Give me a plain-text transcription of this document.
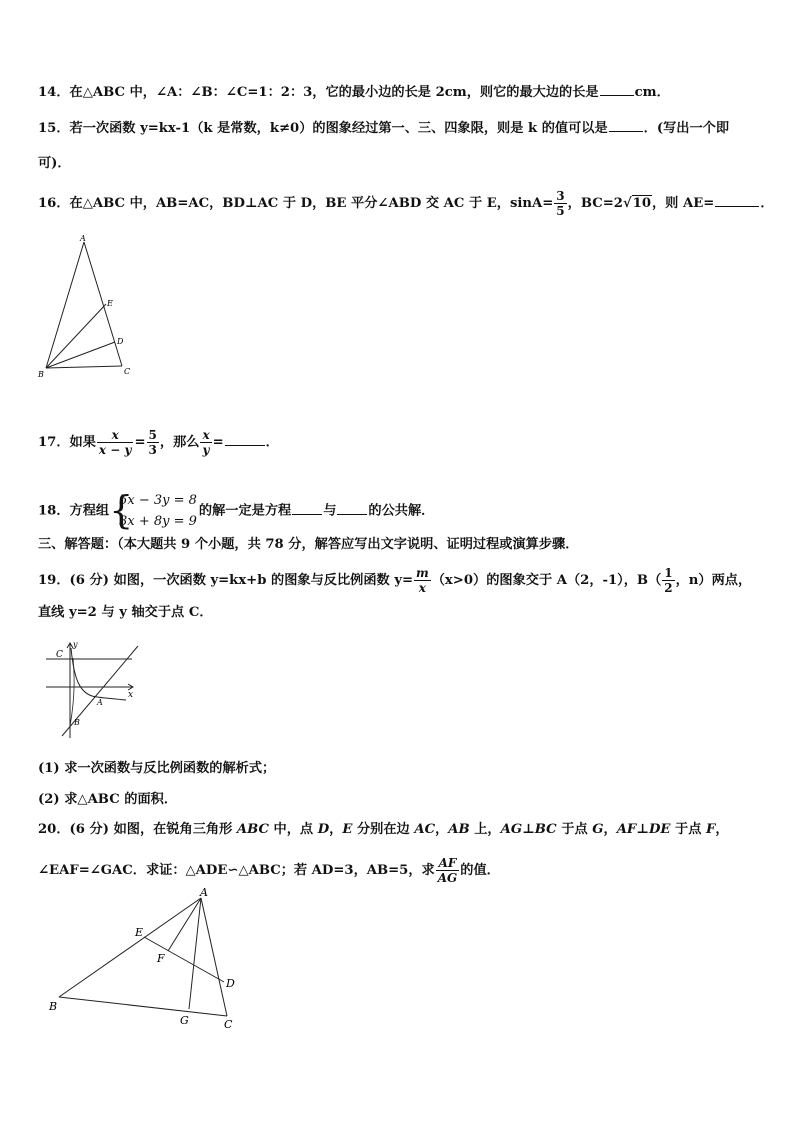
14．在△ABC 中，∠A：∠B：∠C=1：2：3，它的最小边的长是 2cm，则它的最大边的长是	cm．
15．若一次函数 y=kx-1（k 是常数，k≠0）的图象经过第一、三、四象限，则是 k 的值可以是	．(写出一个即
可)．
16．在△ABC 中，AB=AC，BD⊥AC 于 D，BE 平分∠ABD 交 AC 于 E，$\sin A= \frac{3}{5}$ ，BC=2√10，则 AE=	．
A
E
D
B	C
17．如果 $\frac{x}{x - y} = \frac{5}{3}$ ，那么 $\frac{x}{y}$ =	．
18．方程组 {
5x − 3y = 8
3x + 8y = 9
的解一定是方程 与 的公共解．
三、解答题：（本大题共 9 个小题，共 78 分，解答应写出文字说明、证明过程或演算步骤．
19．(6 分) 如图，一次函数 y=kx+b 的图象与反比例函数 $y= \frac{m}{x} (x>0)$的图象交于 A（2，-1），$B( \frac{1}{2}$ ，n）两点，
直线 y=2 与 y 轴交于点 C．
C
y
x
A
B
(1) 求一次函数与反比例函数的解析式；
(2) 求△ABC 的面积．
20．(6 分) 如图，在锐角三角形 ABC 中，点 D，E 分别在边 AC，AB 上，AG⊥BC 于点 G，AF⊥DE 于点 F，
∠EAF=∠GAC．求证：△ADE∽△ABC；若 AD=3，AB=5，求 $\frac{AF}{AG}$ 的值．
A
E
F
D
B
G	C
